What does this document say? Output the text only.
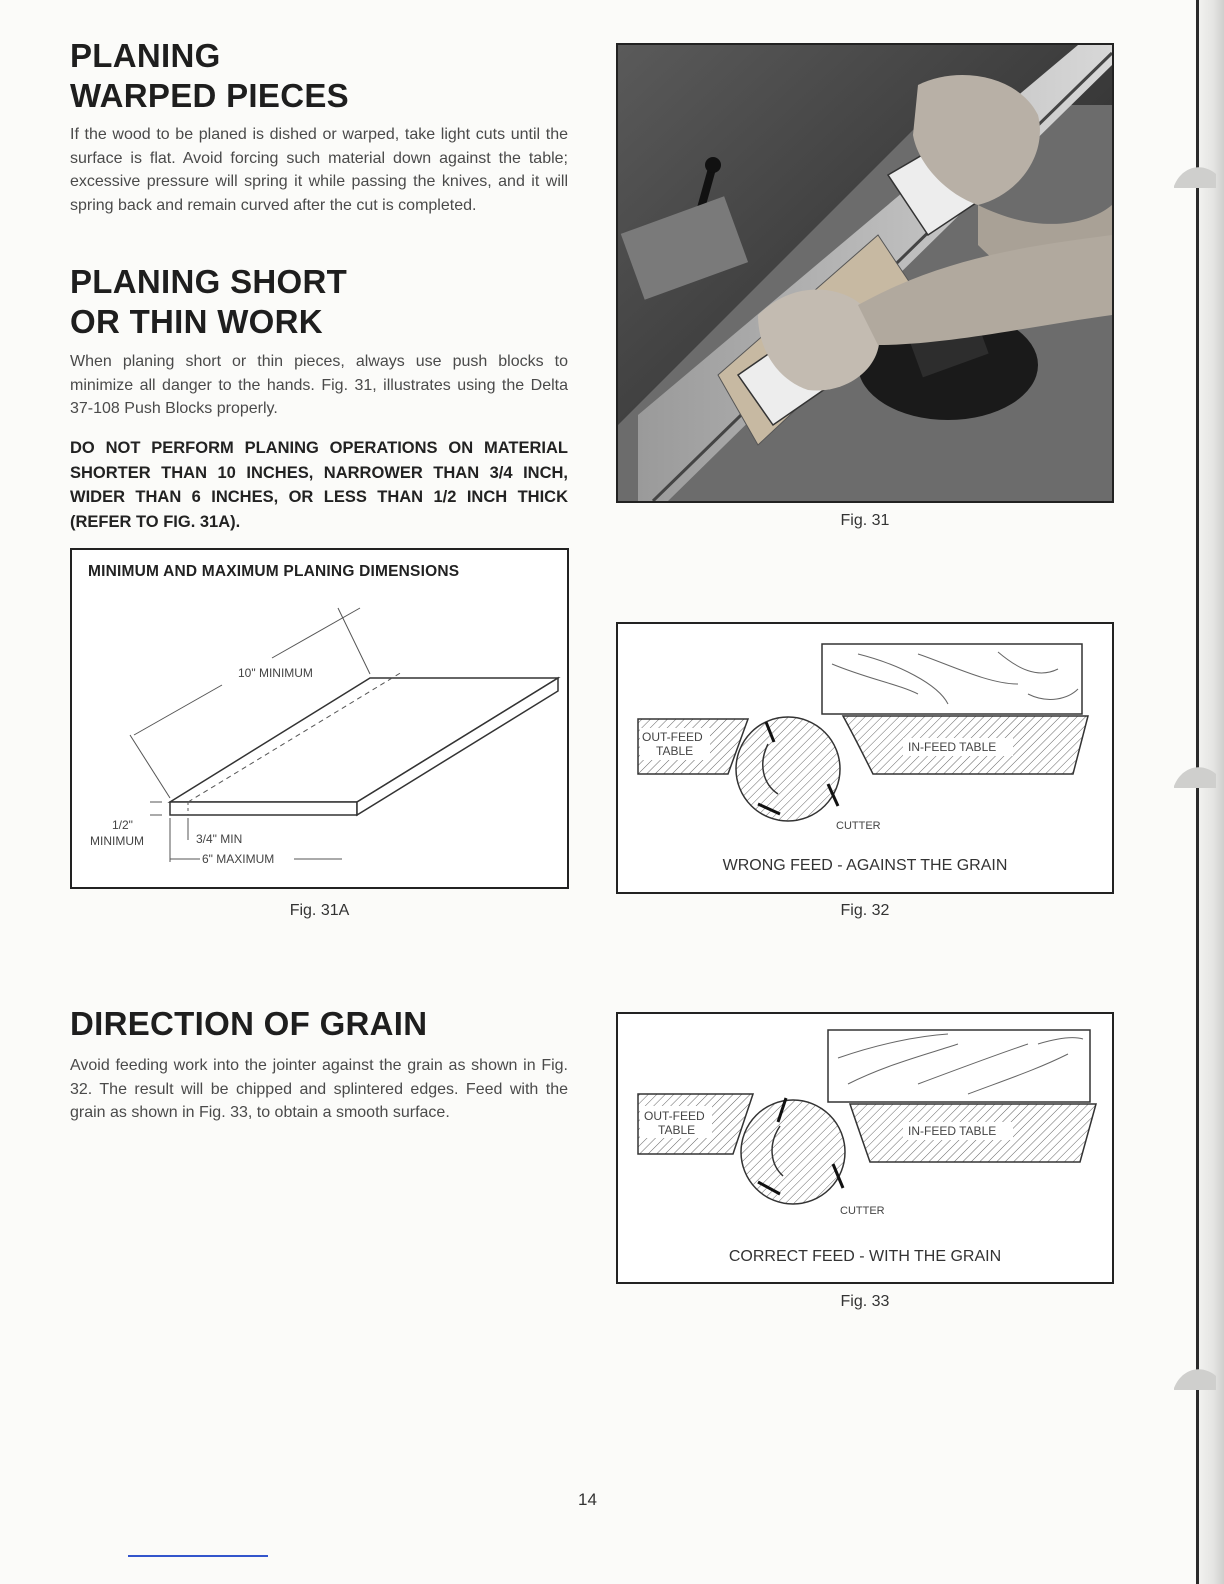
PLANING
WARPED PIECES

If the wood to be planed is dished or warped, take light cuts until the surface is flat. Avoid forcing such material down against the table; excessive pressure will spring it while passing the knives, and it will spring back and remain curved after the cut is completed.

PLANING SHORT
OR THIN WORK

When planing short or thin pieces, always use push blocks to minimize all danger to the hands. Fig. 31, illustrates using the Delta 37-108 Push Blocks properly.

DO NOT PERFORM PLANING OPERATIONS ON MATERIAL SHORTER THAN 10 INCHES, NARROWER THAN 3/4 INCH, WIDER THAN 6 INCHES, OR LESS THAN 1/2 INCH THICK (REFER TO FIG. 31A).

MINIMUM AND MAXIMUM PLANING DIMENSIONS
10" MINIMUM
1/2"
MINIMUM	3/4" MIN
6" MAXIMUM

Fig. 31A

DIRECTION OF GRAIN

Avoid feeding work into the jointer against the grain as shown in Fig. 32. The result will be chipped and splintered edges. Feed with the grain as shown in Fig. 33, to obtain a smooth surface.

Fig. 31

OUT-FEED
TABLE	IN-FEED TABLE
CUTTER
WRONG FEED - AGAINST THE GRAIN

Fig. 32

OUT-FEED
TABLE	IN-FEED TABLE
CUTTER
CORRECT FEED - WITH THE GRAIN

Fig. 33

14
